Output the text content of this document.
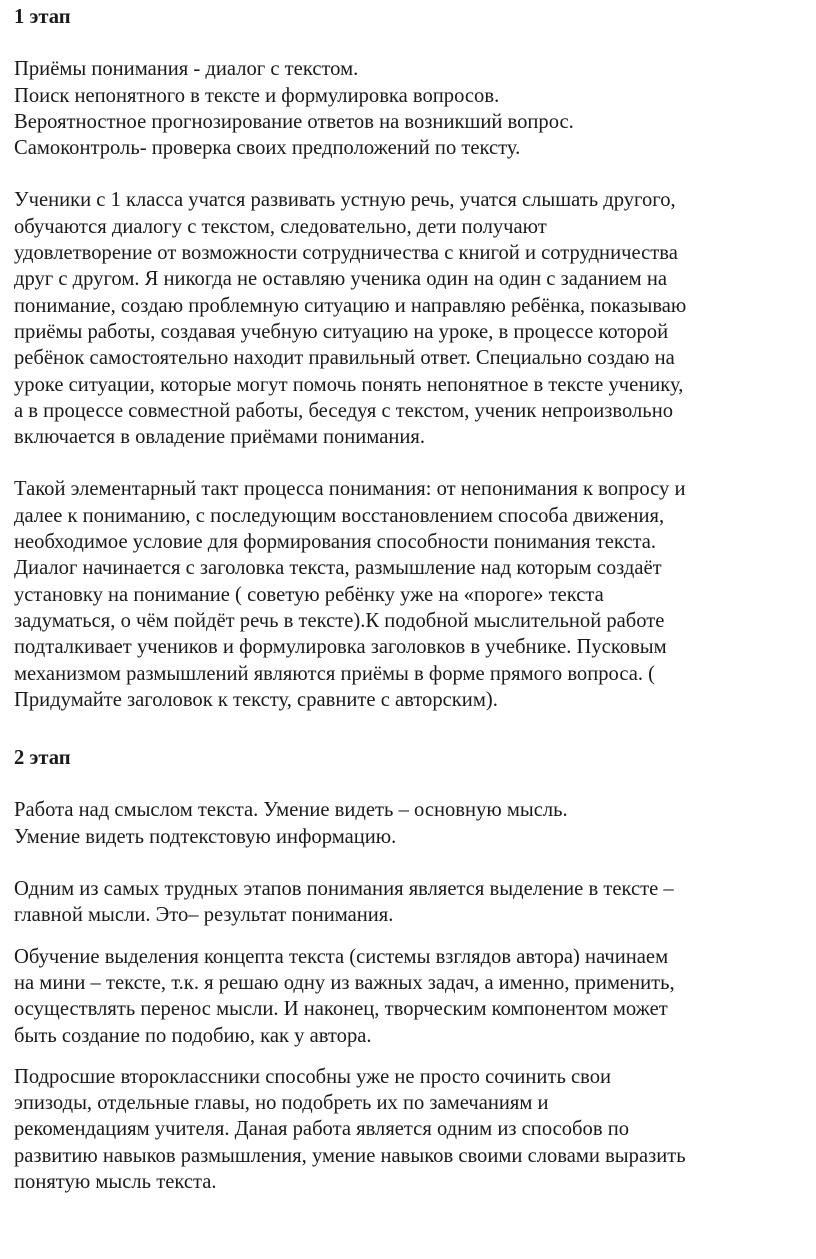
1 этап

Приёмы понимания - диалог с текстом.
Поиск непонятного в тексте и формулировка вопросов.
Вероятностное прогнозирование ответов на возникший вопрос.
Самоконтроль- проверка своих предположений по тексту.
Ученики с 1 класса учатся развивать устную речь, учатся слышать другого,
обучаются диалогу с текстом, следовательно, дети получают
удовлетворение от возможности сотрудничества с книгой и сотрудничества
друг с другом. Я никогда не оставляю ученика один на один с заданием на
понимание, создаю проблемную ситуацию и направляю ребёнка, показываю
приёмы работы, создавая учебную ситуацию на уроке, в процессе которой
ребёнок самостоятельно находит правильный ответ. Специально создаю на
уроке ситуации, которые могут помочь понять непонятное в тексте ученику,
а в процессе совместной работы, беседуя с текстом, ученик непроизвольно
включается в овладение приёмами понимания.
Такой элементарный такт процесса понимания: от непонимания к вопросу и
далее к пониманию, с последующим восстановлением способа движения,
необходимое условие для формирования способности понимания текста.
Диалог начинается с заголовка текста, размышление над которым создаёт
установку на понимание ( советую ребёнку уже на «пороге» текста
задуматься, о чём пойдёт речь в тексте).К подобной мыслительной работе
подталкивает учеников и формулировка заголовков в учебнике. Пусковым
механизмом размышлений являются приёмы в форме прямого вопроса. (
Придумайте заголовок к тексту, сравните с авторским).

2 этап

Работа над смыслом текста. Умение видеть – основную мысль.
Умение видеть подтекстовую информацию.
Одним из самых трудных этапов понимания является выделение в тексте –
главной мысли. Это– результат понимания.
Обучение выделения концепта текста (системы взглядов автора) начинаем
на мини – тексте, т.к. я решаю одну из важных задач, а именно, применить,
осуществлять перенос мысли. И наконец, творческим компонентом может
быть создание по подобию, как у автора.
Подросшие второклассники способны уже не просто сочинить свои
эпизоды, отдельные главы, но подобреть их по замечаниям и
рекомендациям учителя. Даная работа является одним из способов по
развитию навыков размышления, умение навыков своими словами выразить
понятую мысль текста.
